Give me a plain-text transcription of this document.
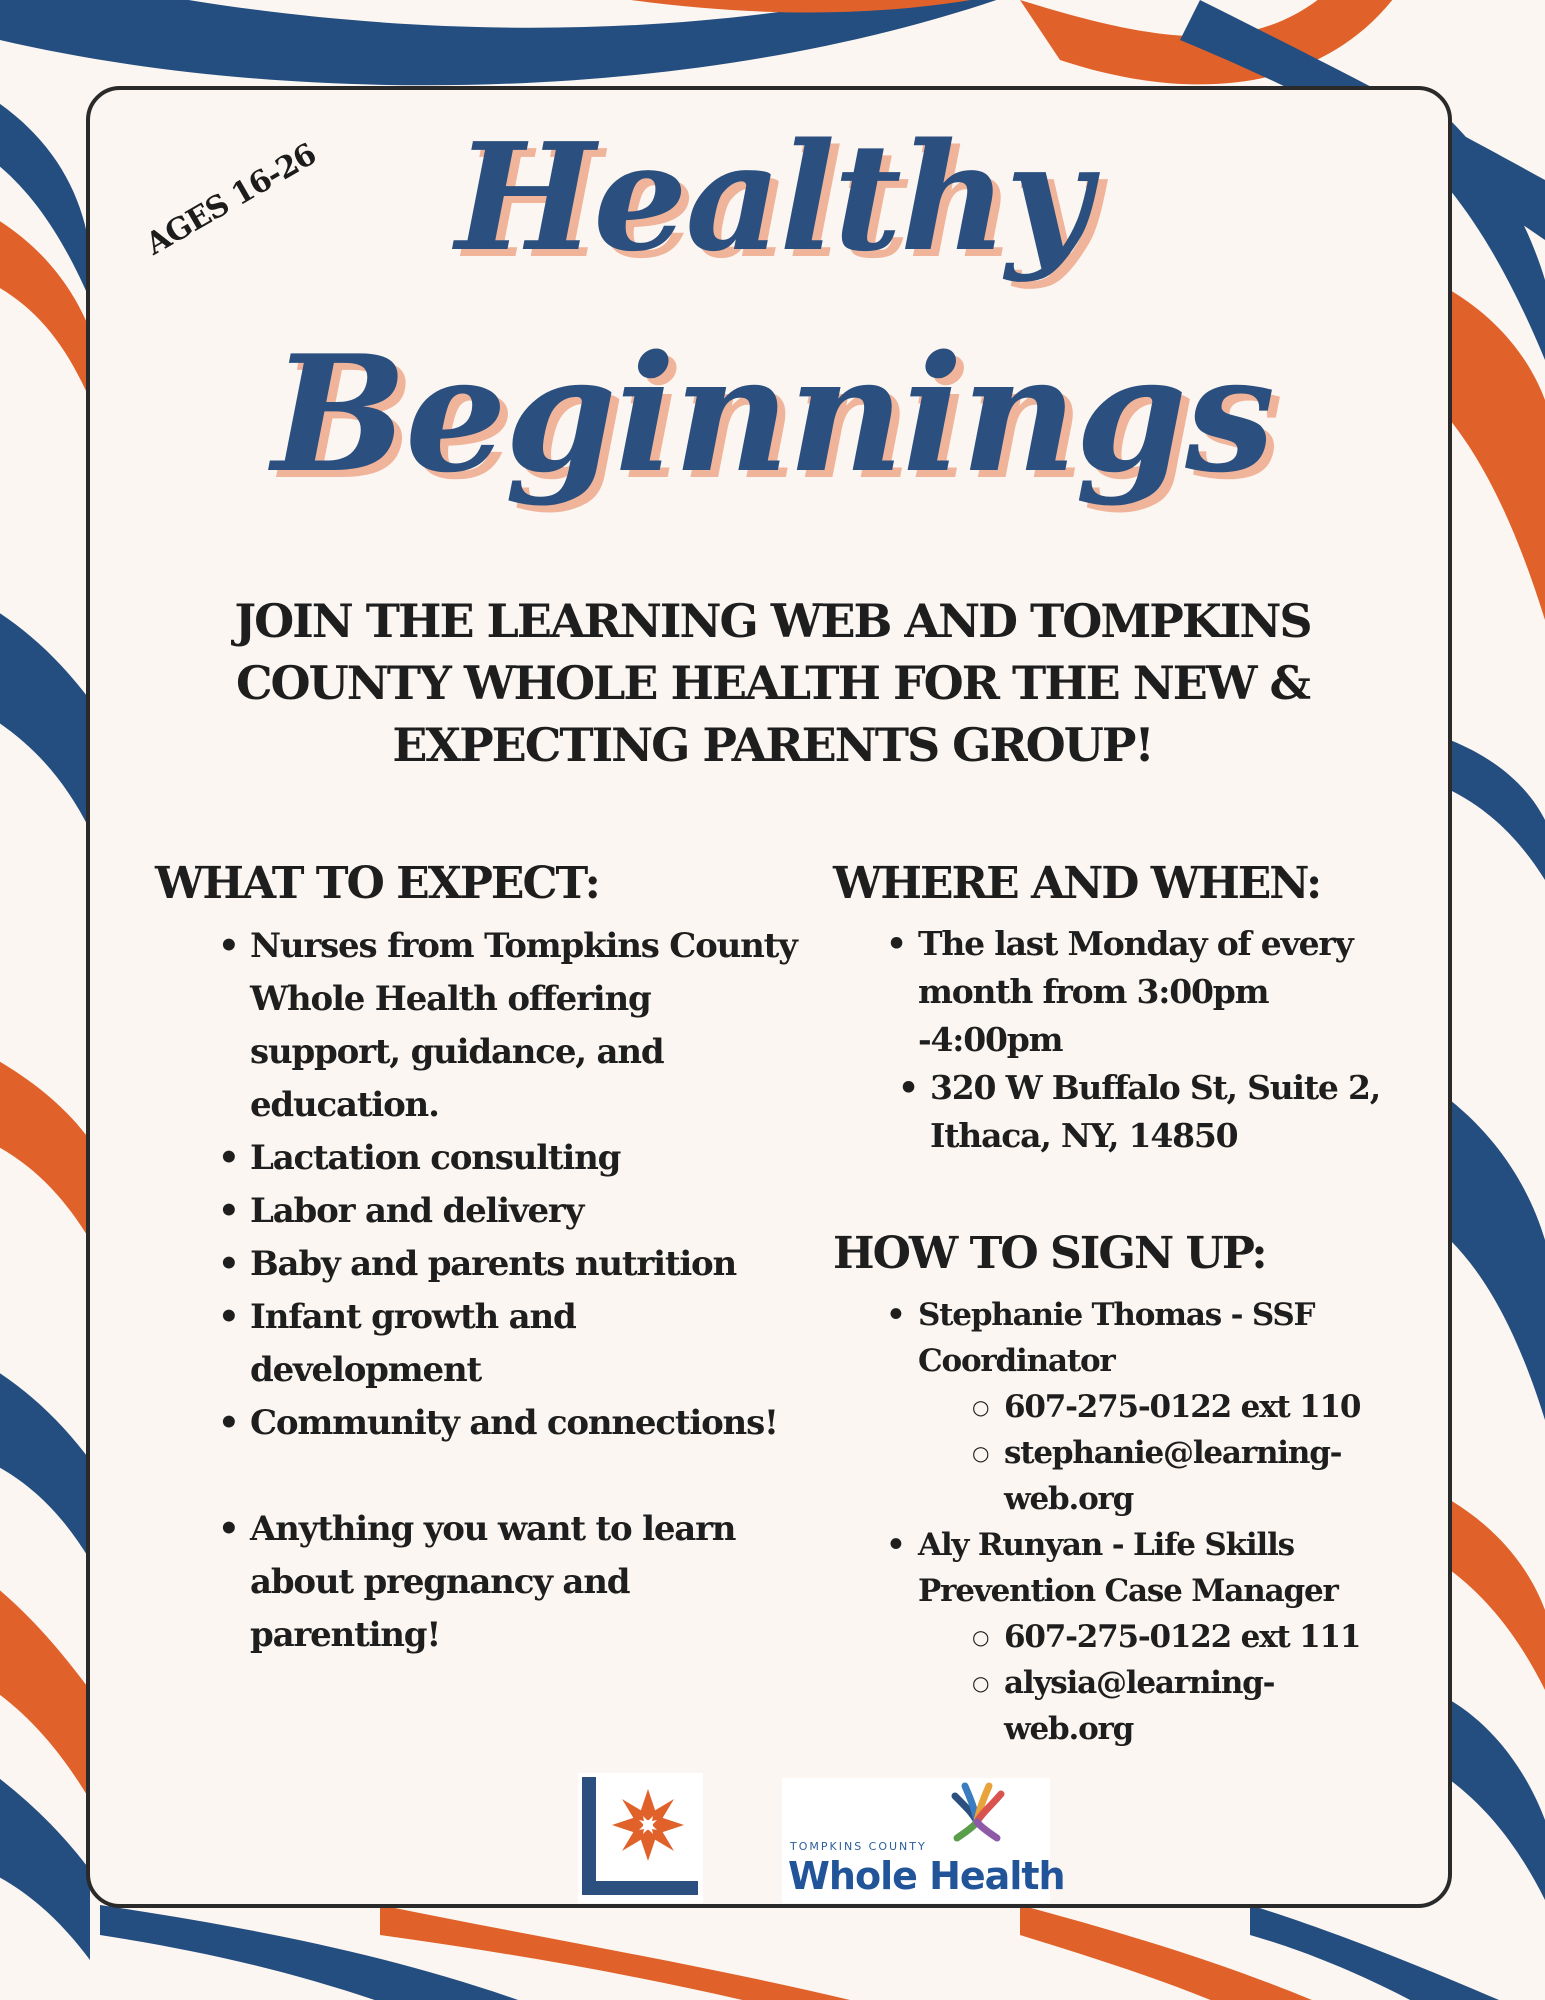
AGES 16-26 Healthy
Beginnings
JOIN THE LEARNING WEB AND TOMPKINS COUNTY WHOLE HEALTH FOR THE NEW & EXPECTING PARENTS GROUP!
WHAT TO EXPECT:
• Nurses from Tompkins County Whole Health offering support, guidance, and education.
• Lactation consulting
• Labor and delivery
• Baby and parents nutrition
• Infant growth and development
• Community and connections!
• Anything you want to learn about pregnancy and parenting!
WHERE AND WHEN:
• The last Monday of every month from 3:00pm -4:00pm
• 320 W Buffalo St, Suite 2, Ithaca, NY, 14850
HOW TO SIGN UP:
• Stephanie Thomas - SSF Coordinator
○ 607-275-0122 ext 110
○ stephanie@learning-web.org
• Aly Runyan - Life Skills Prevention Case Manager
○ 607-275-0122 ext 111
○ alysia@learning-web.org
TOMPKINS COUNTY
Whole Health
